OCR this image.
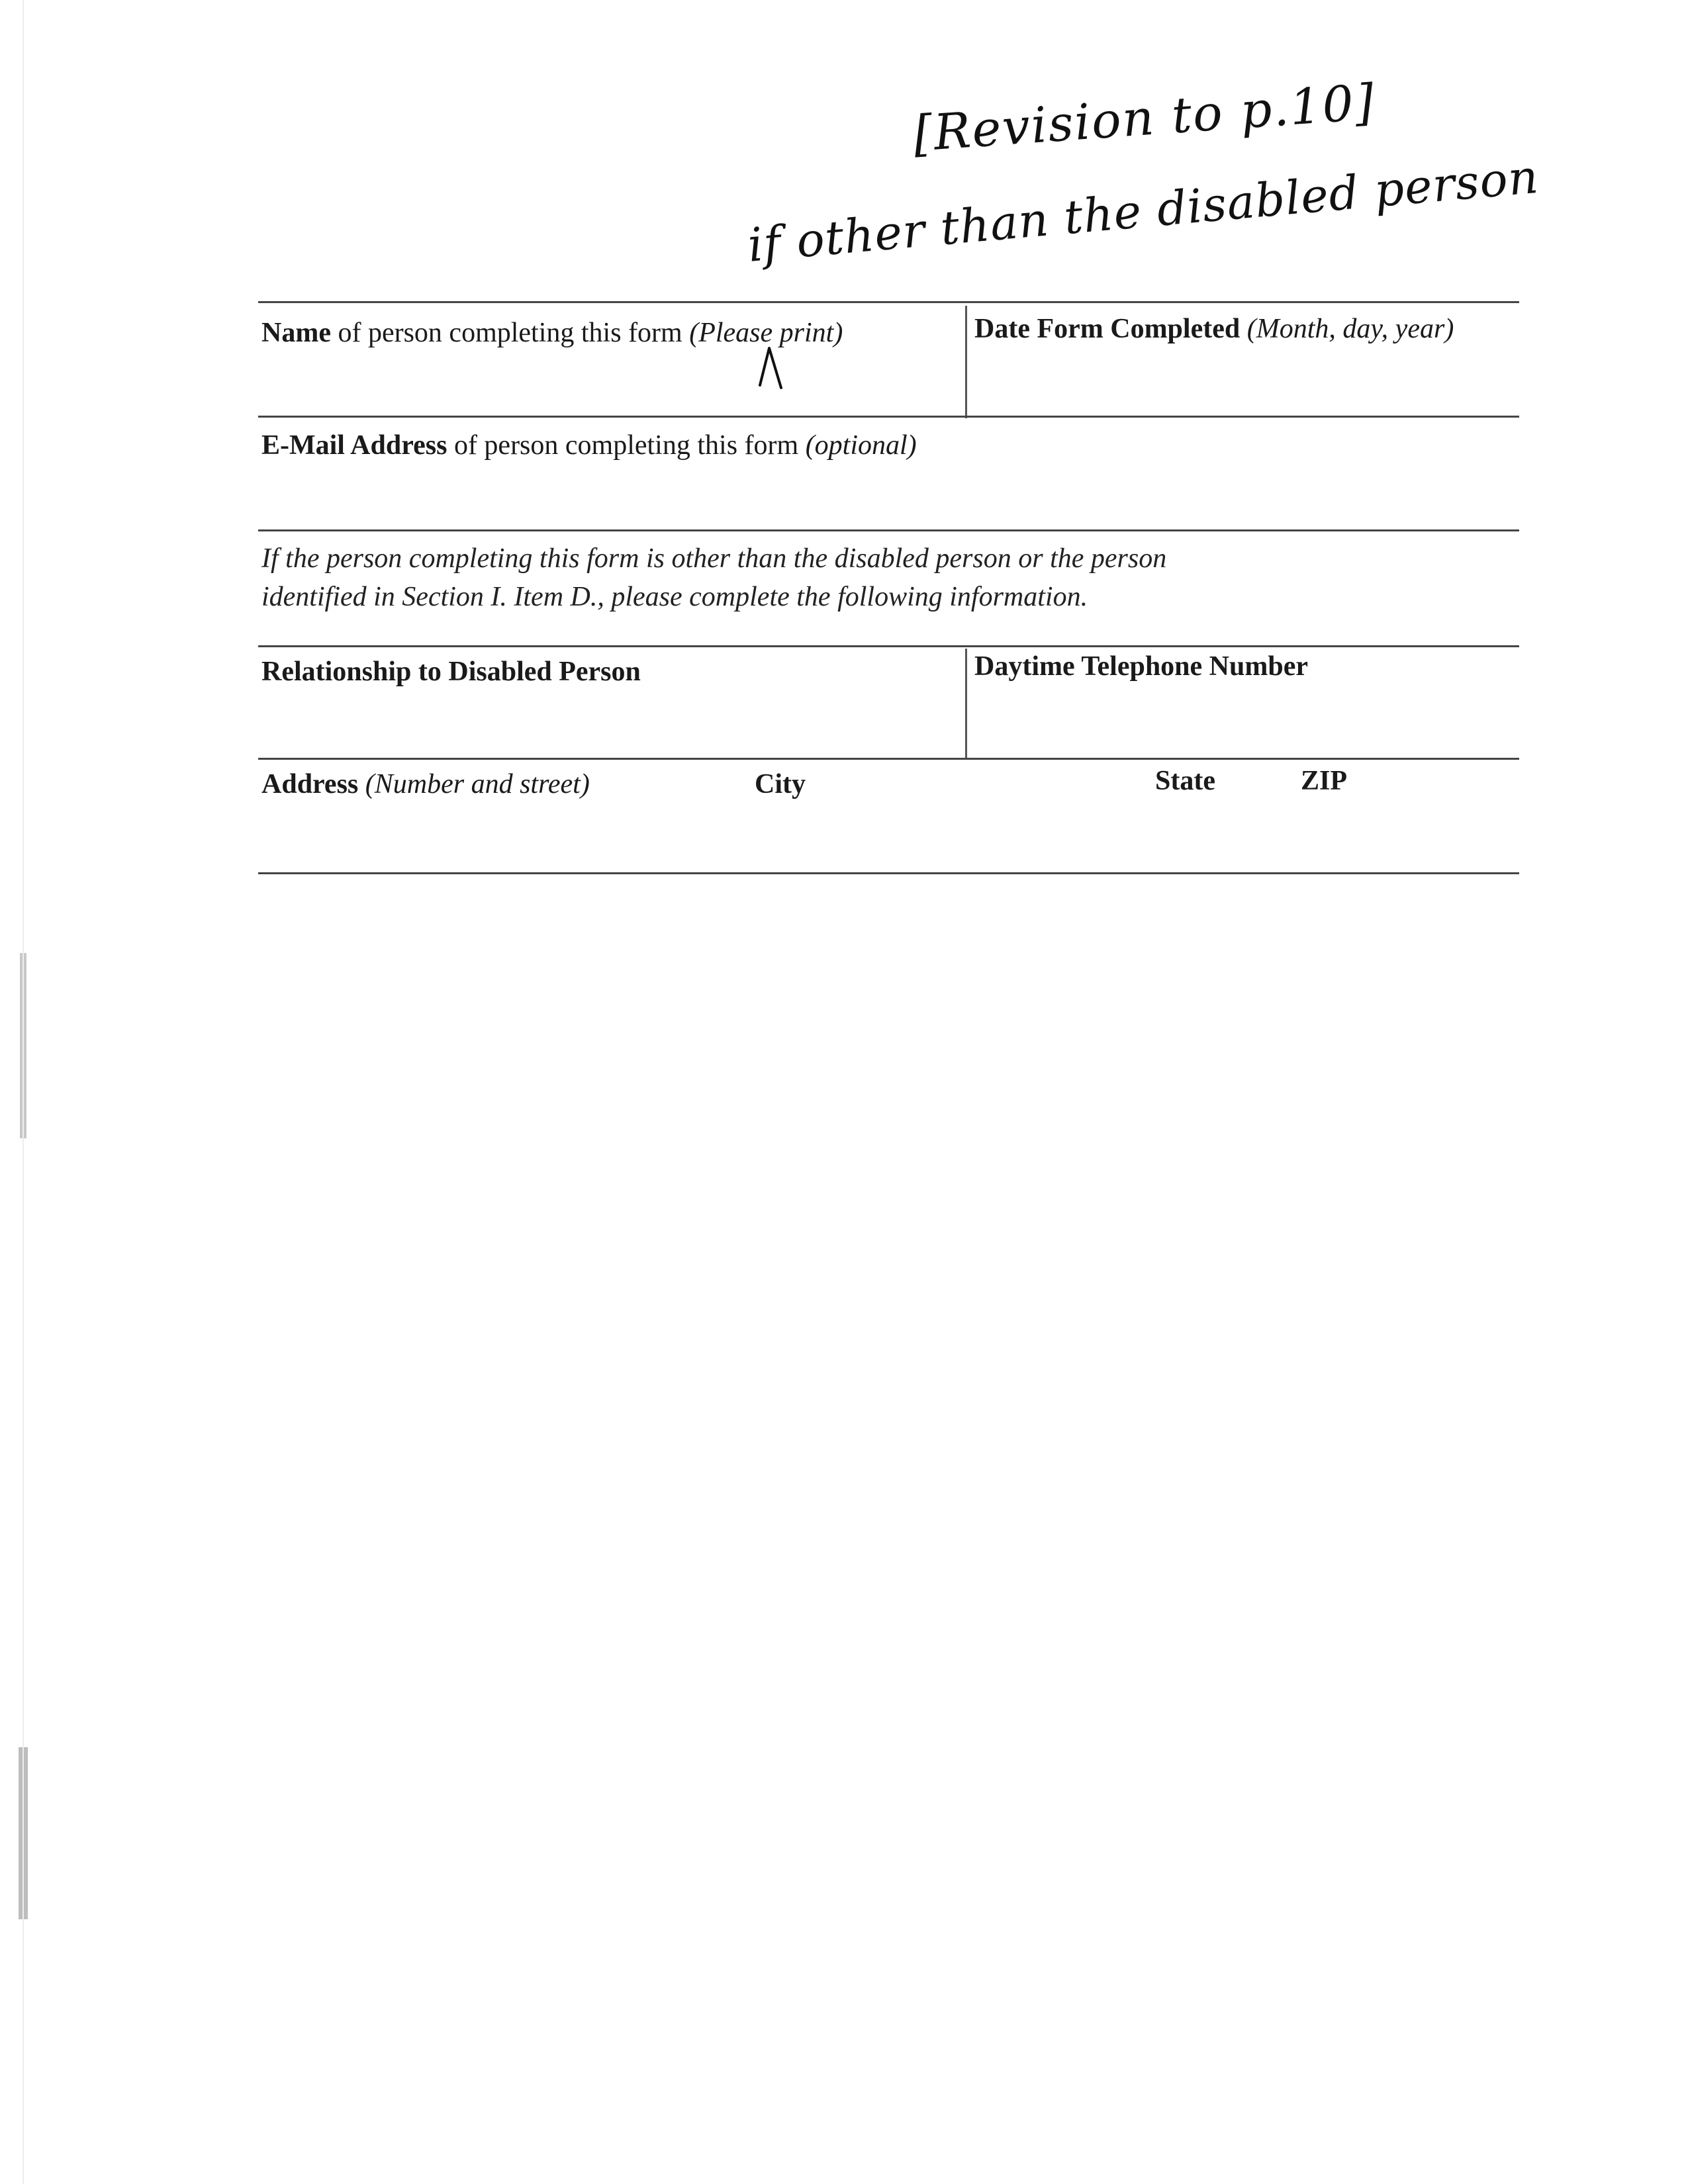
[Revision to p.10]
if other than the disabled person
Name of person completing this form (Please print)	Date Form Completed (Month, day, year)
E-Mail Address of person completing this form (optional)
If the person completing this form is other than the disabled person or the person
identified in Section I. Item D., please complete the following information.
Relationship to Disabled Person	Daytime Telephone Number
Address (Number and street)	City	State	ZIP
